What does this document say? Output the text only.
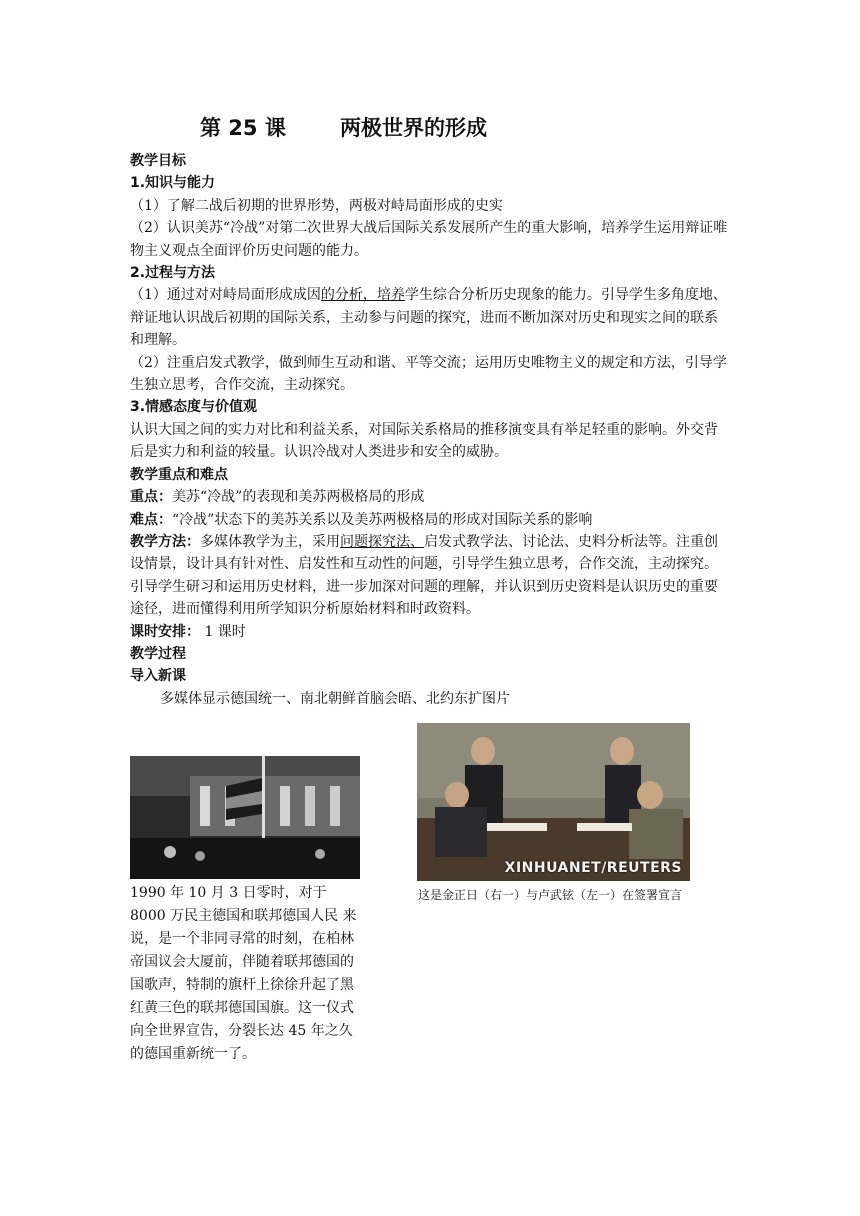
第 25 课	两极世界的形成
教学目标
1.知识与能力

（1）了解二战后初期的世界形势，两极对峙局面形成的史实

（2）认识美苏“冷战”对第二次世界大战后国际关系发展所产生的重大影响，培养学生运用辩证唯物主义观点全面评价历史问题的能力。

2.过程与方法

（1）通过对对峙局面形成成因的分析，培养学生综合分析历史现象的能力。引导学生多角度地、辩证地认识战后初期的国际关系，主动参与问题的探究，进而不断加深对历史和现实之间的联系和理解。

（2）注重启发式教学，做到师生互动和谐、平等交流；运用历史唯物主义的规定和方法，引导学生独立思考，合作交流，主动探究。

3.情感态度与价值观

认识大国之间的实力对比和利益关系，对国际关系格局的推移演变具有举足轻重的影响。外交背后是实力和利益的较量。认识冷战对人类进步和安全的威胁。

教学重点和难点

重点：美苏“冷战”的表现和美苏两极格局的形成

难点：“冷战”状态下的美苏关系以及美苏两极格局的形成对国际关系的影响

教学方法：多媒体教学为主，采用问题探究法、启发式教学法、讨论法、史料分析法等。注重创设情景，设计具有针对性、启发性和互动性的问题，引导学生独立思考，合作交流，主动探究。引导学生研习和运用历史材料，进一步加深对问题的理解，并认识到历史资料是认识历史的重要途径，进而懂得利用所学知识分析原始材料和时政资料。

课时安排： 1 课时

教学过程
导入新课

多媒体显示德国统一、南北朝鲜首脑会晤、北约东扩图片

XINHUANET/REUTERS
1990 年 10 月 3 日零时，对于 8000 万民主德国和联邦德国人民 来说，是一个非同寻常的时刻，在柏林帝国议会大厦前，伴随着联邦德国的国歌声，特制的旗杆上徐徐升起了黑红黄三色的联邦德国国旗。这一仪式向全世界宣告，分裂长达 45 年之久的德国重新统一了。
这是金正日（右一）与卢武铉（左一）在签署宣言
